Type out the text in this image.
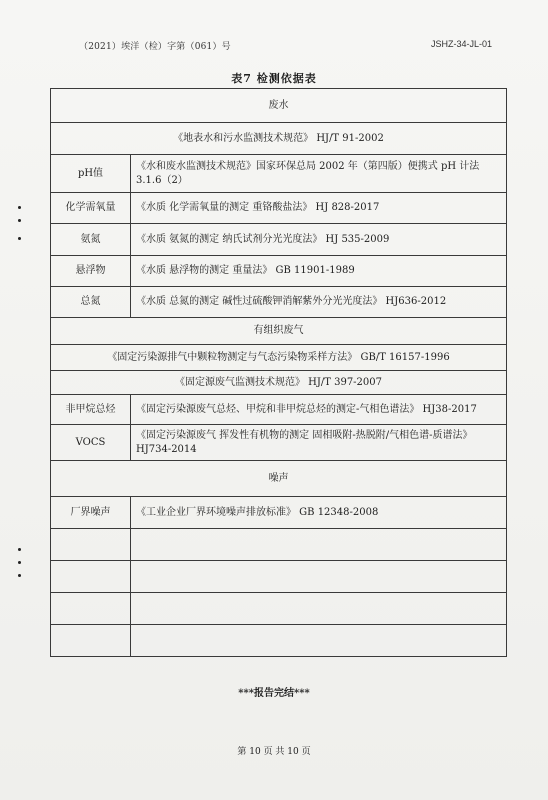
（2021）埃洋（检）字第（061）号	JSHZ-34-JL-01
表7 检测依据表
废水	
《地表水和污水监测技术规范》 HJ/T 91-2002	
pH值	《水和废水监测技术规范》国家环保总局 2002 年（第四版）便携式 pH 计法 3.1.6（2）
化学需氧量	《水质 化学需氧量的测定 重铬酸盐法》 HJ 828-2017
氨氮	《水质 氨氮的测定 纳氏试剂分光光度法》 HJ 535-2009
悬浮物	《水质 悬浮物的测定 重量法》 GB 11901-1989
总氮	《水质 总氮的测定 碱性过硫酸钾消解紫外分光光度法》 HJ636-2012
有组织废气	
《固定污染源排气中颗粒物测定与气态污染物采样方法》 GB/T 16157-1996	
《固定源废气监测技术规范》 HJ/T 397-2007	
非甲烷总烃	《固定污染源废气总烃、甲烷和非甲烷总烃的测定-气相色谱法》 HJ38-2017
VOCS	《固定污染源废气 挥发性有机物的测定 固相吸附-热脱附/气相色谱-质谱法》 HJ734-2014
噪声	
厂界噪声	《工业企业厂界环境噪声排放标准》 GB 12348-2008

***报告完结***
第 10 页 共 10 页
